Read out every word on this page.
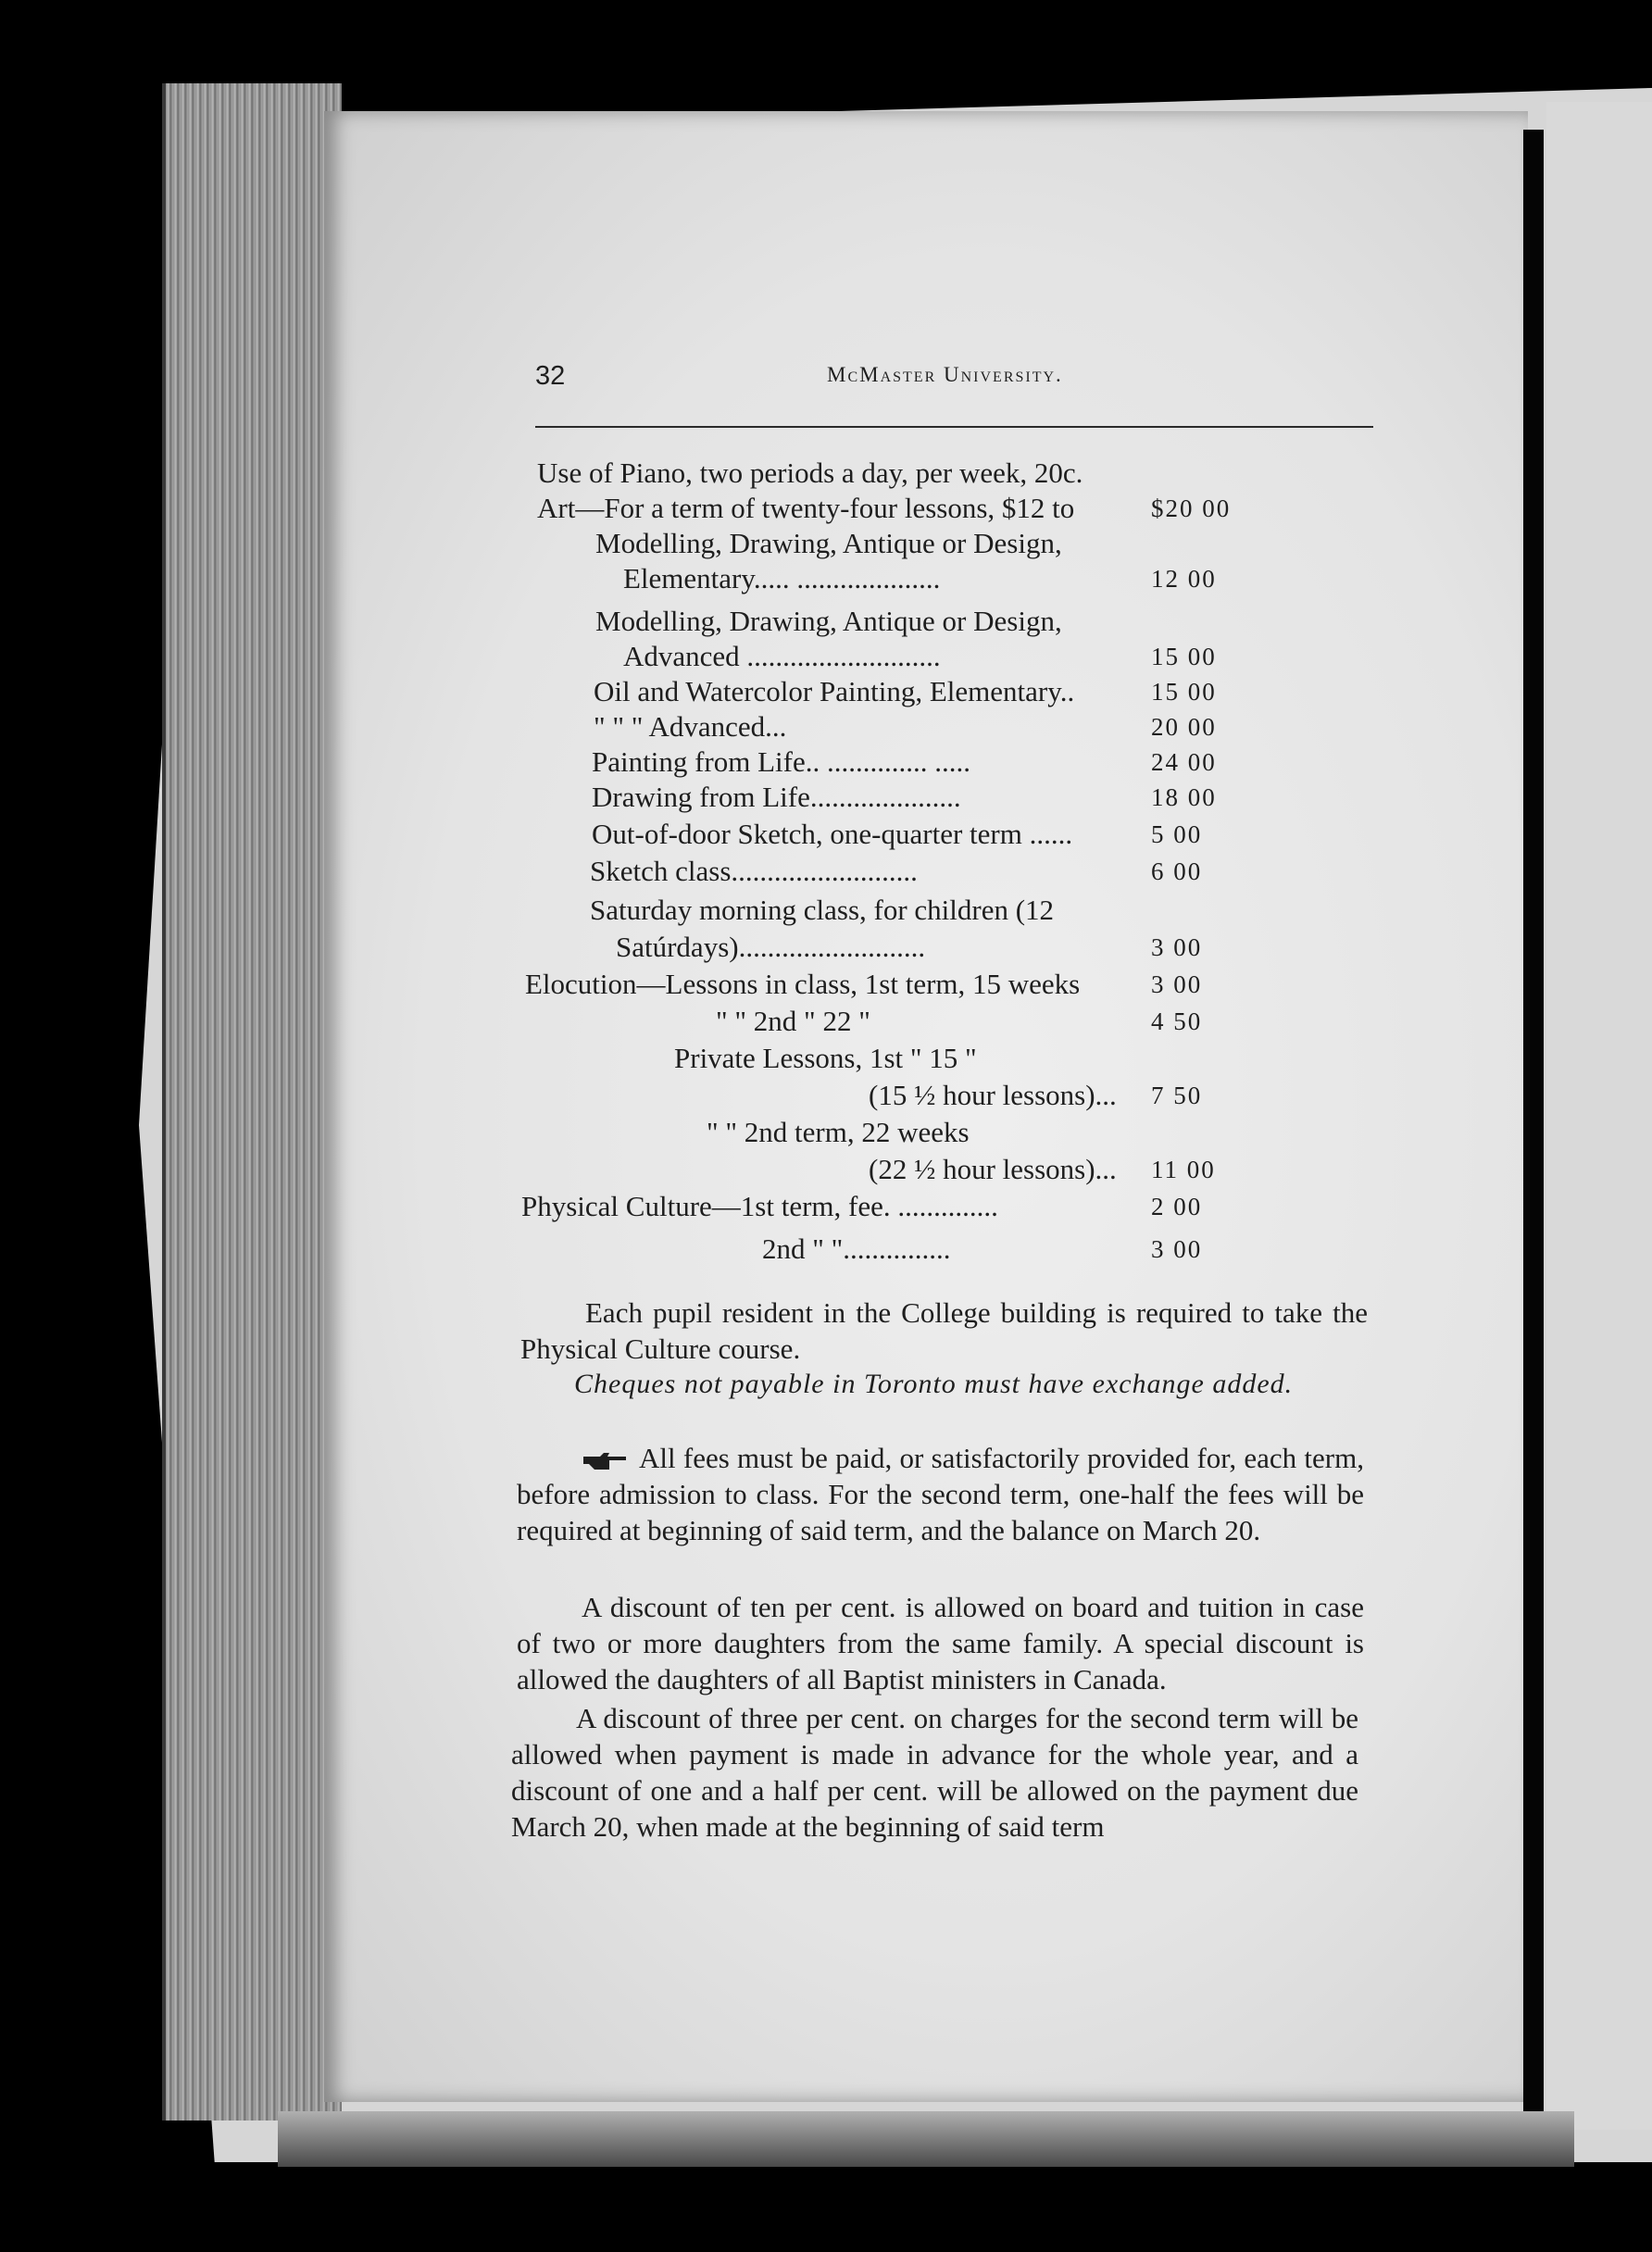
32	McMaster University.
Use of Piano, two periods a day, per week, 20c.
Art—For a term of twenty-four lessons, $12 to	$20 00
Modelling, Drawing, Antique or Design,
Elementary..... ....................	12 00
Modelling, Drawing, Antique or Design,
Advanced ...........................	15 00
Oil and Watercolor Painting, Elementary..	15 00
" " " Advanced...	20 00
Painting from Life.. .............. .....	24 00
Drawing from Life.....................	18 00
Out-of-door Sketch, one-quarter term ......	5 00
Sketch class..........................	6 00
Saturday morning class, for children (12
Satúrdays)..........................	3 00
Elocution—Lessons in class, 1st term, 15 weeks	3 00
" " 2nd " 22 "	4 50
Private Lessons, 1st " 15 "
(15 ½ hour lessons)... 7 50
" " 2nd term, 22 weeks
(22 ½ hour lessons)... 11 00
Physical Culture—1st term, fee. ..............	2 00
2nd " "...............	3 00
Each pupil resident in the College building is required to take the Physical Culture course.
Cheques not payable in Toronto must have exchange added.
All fees must be paid, or satisfactorily provided for, each term, before admission to class. For the second term, one-half the fees will be required at beginning of said term, and the balance on March 20.
A discount of ten per cent. is allowed on board and tuition in case of two or more daughters from the same family. A special discount is allowed the daughters of all Baptist ministers in Canada.
A discount of three per cent. on charges for the second term will be allowed when payment is made in advance for the whole year, and a discount of one and a half per cent. will be allowed on the payment due March 20, when made at the beginning of said term
